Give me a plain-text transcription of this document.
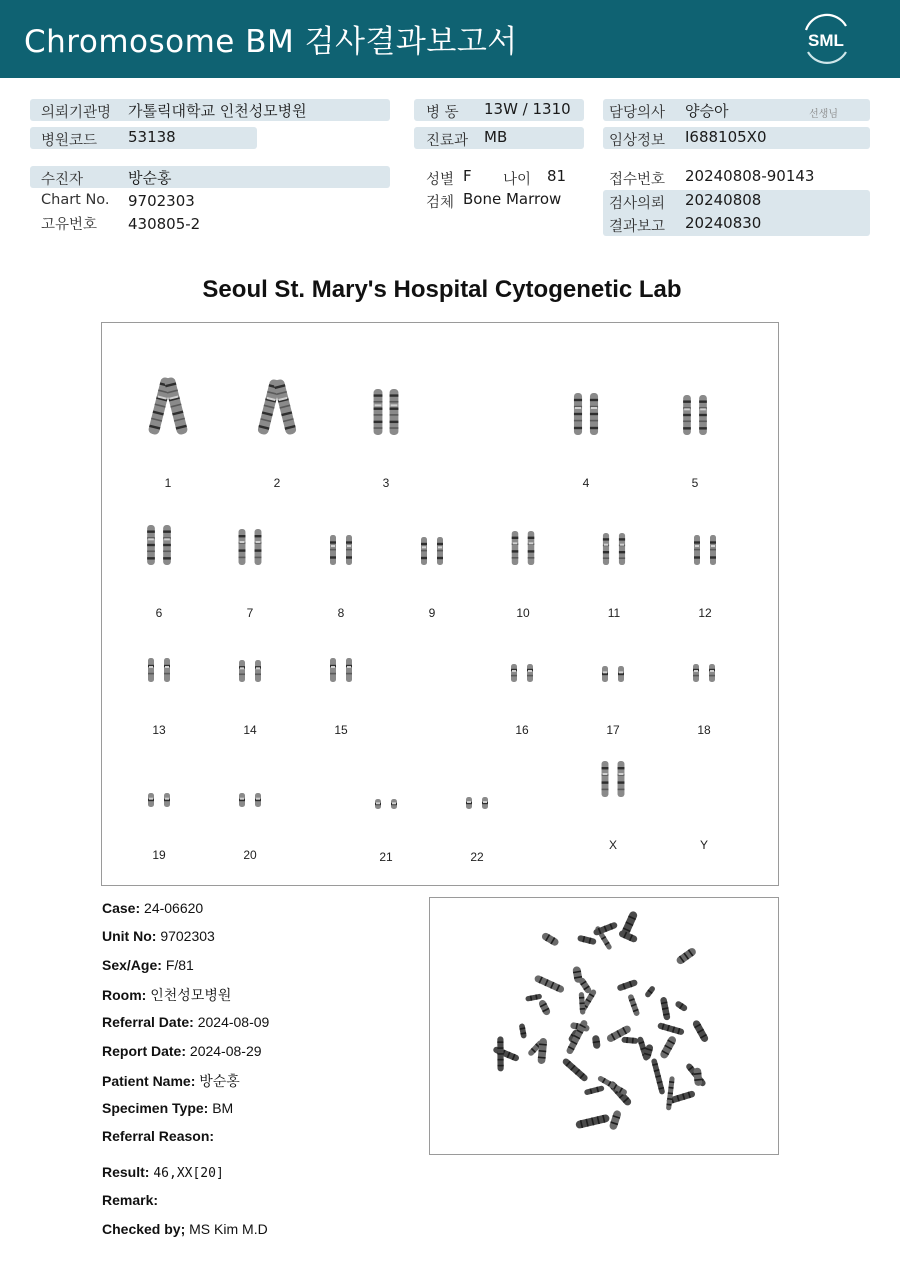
Chromosome BM 검사결과보고서	SML
의뢰기관명 가톨릭대학교 인천성모병원
병원코드 53138
병 동 13W / 1310
진료과 MB
담당의사 양승아	선생님
임상정보 I688105X0
수진자	방순홍
Chart No. 9702303
고유번호 430805-2
성별 F 나이 81
검체 Bone Marrow
접수번호 20240808-90143
검사의뢰 20240808
결과보고 20240830
Seoul St. Mary's Hospital Cytogenetic Lab
1	2	3	4	5
6	7	8	9	10	11	12
13	14	15	16	17	18
19	20	21	22
X	Y
Case: 24-06620
Unit No: 9702303
Sex/Age: F/81
Room: 인천성모병원
Referral Date: 2024-08-09
Report Date: 2024-08-29
Patient Name: 방순홍
Specimen Type: BM
Referral Reason:
Result: 46,XX[20]
Remark:
Checked by; MS Kim M.D
